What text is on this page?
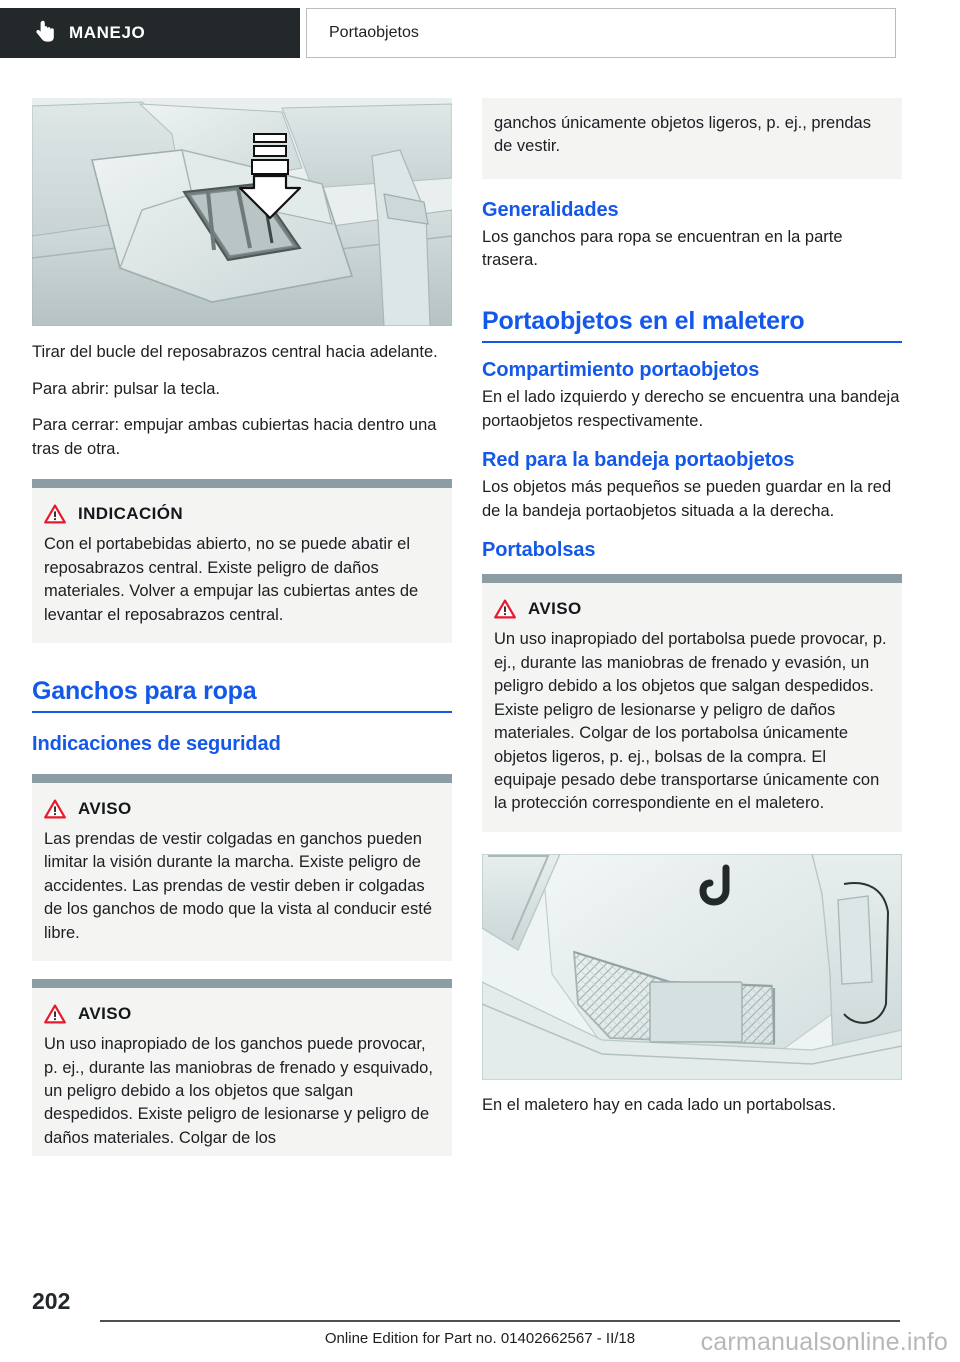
MANEJO	Portaobjetos

Tirar del bucle del reposabrazos central hacia adelante.

Para abrir: pulsar la tecla.

Para cerrar: empujar ambas cubiertas hacia dentro una tras de otra.

INDICACIÓN
Con el portabebidas abierto, no se puede abatir el reposabrazos central. Existe peligro de daños materiales. Volver a empujar las cubiertas antes de levantar el reposabrazos central.
Ganchos para ropa
Indicaciones de seguridad
AVISO
Las prendas de vestir colgadas en ganchos pueden limitar la visión durante la marcha. Existe peligro de accidentes. Las prendas de vestir deben ir colgadas de los ganchos de modo que la vista al conducir esté libre.
AVISO
Un uso inapropiado de los ganchos puede provocar, p. ej., durante las maniobras de frenado y esquivado, un peligro debido a los objetos que salgan despedidos. Existe peligro de lesionarse y peligro de daños materiales. Colgar de los
ganchos únicamente objetos ligeros, p. ej., prendas de vestir.
Generalidades

Los ganchos para ropa se encuentran en la parte trasera.

Portaobjetos en el maletero
Compartimiento portaobjetos

En el lado izquierdo y derecho se encuentra una bandeja portaobjetos respectivamente.

Red para la bandeja portaobjetos

Los objetos más pequeños se pueden guardar en la red de la bandeja portaobjetos situada a la derecha.

Portabolsas
AVISO
Un uso inapropiado del portabolsa puede provocar, p. ej., durante las maniobras de frenado y evasión, un peligro debido a los objetos que salgan despedidos. Existe peligro de lesionarse y peligro de daños materiales. Colgar de los portabolsa únicamente objetos ligeros, p. ej., bolsas de la compra. El equipaje pesado debe transportarse únicamente con la protección correspondiente en el maletero.
En el maletero hay en cada lado un portabolsas.
202
Online Edition for Part no. 01402662567 - II/18	carmanualsonline.info
